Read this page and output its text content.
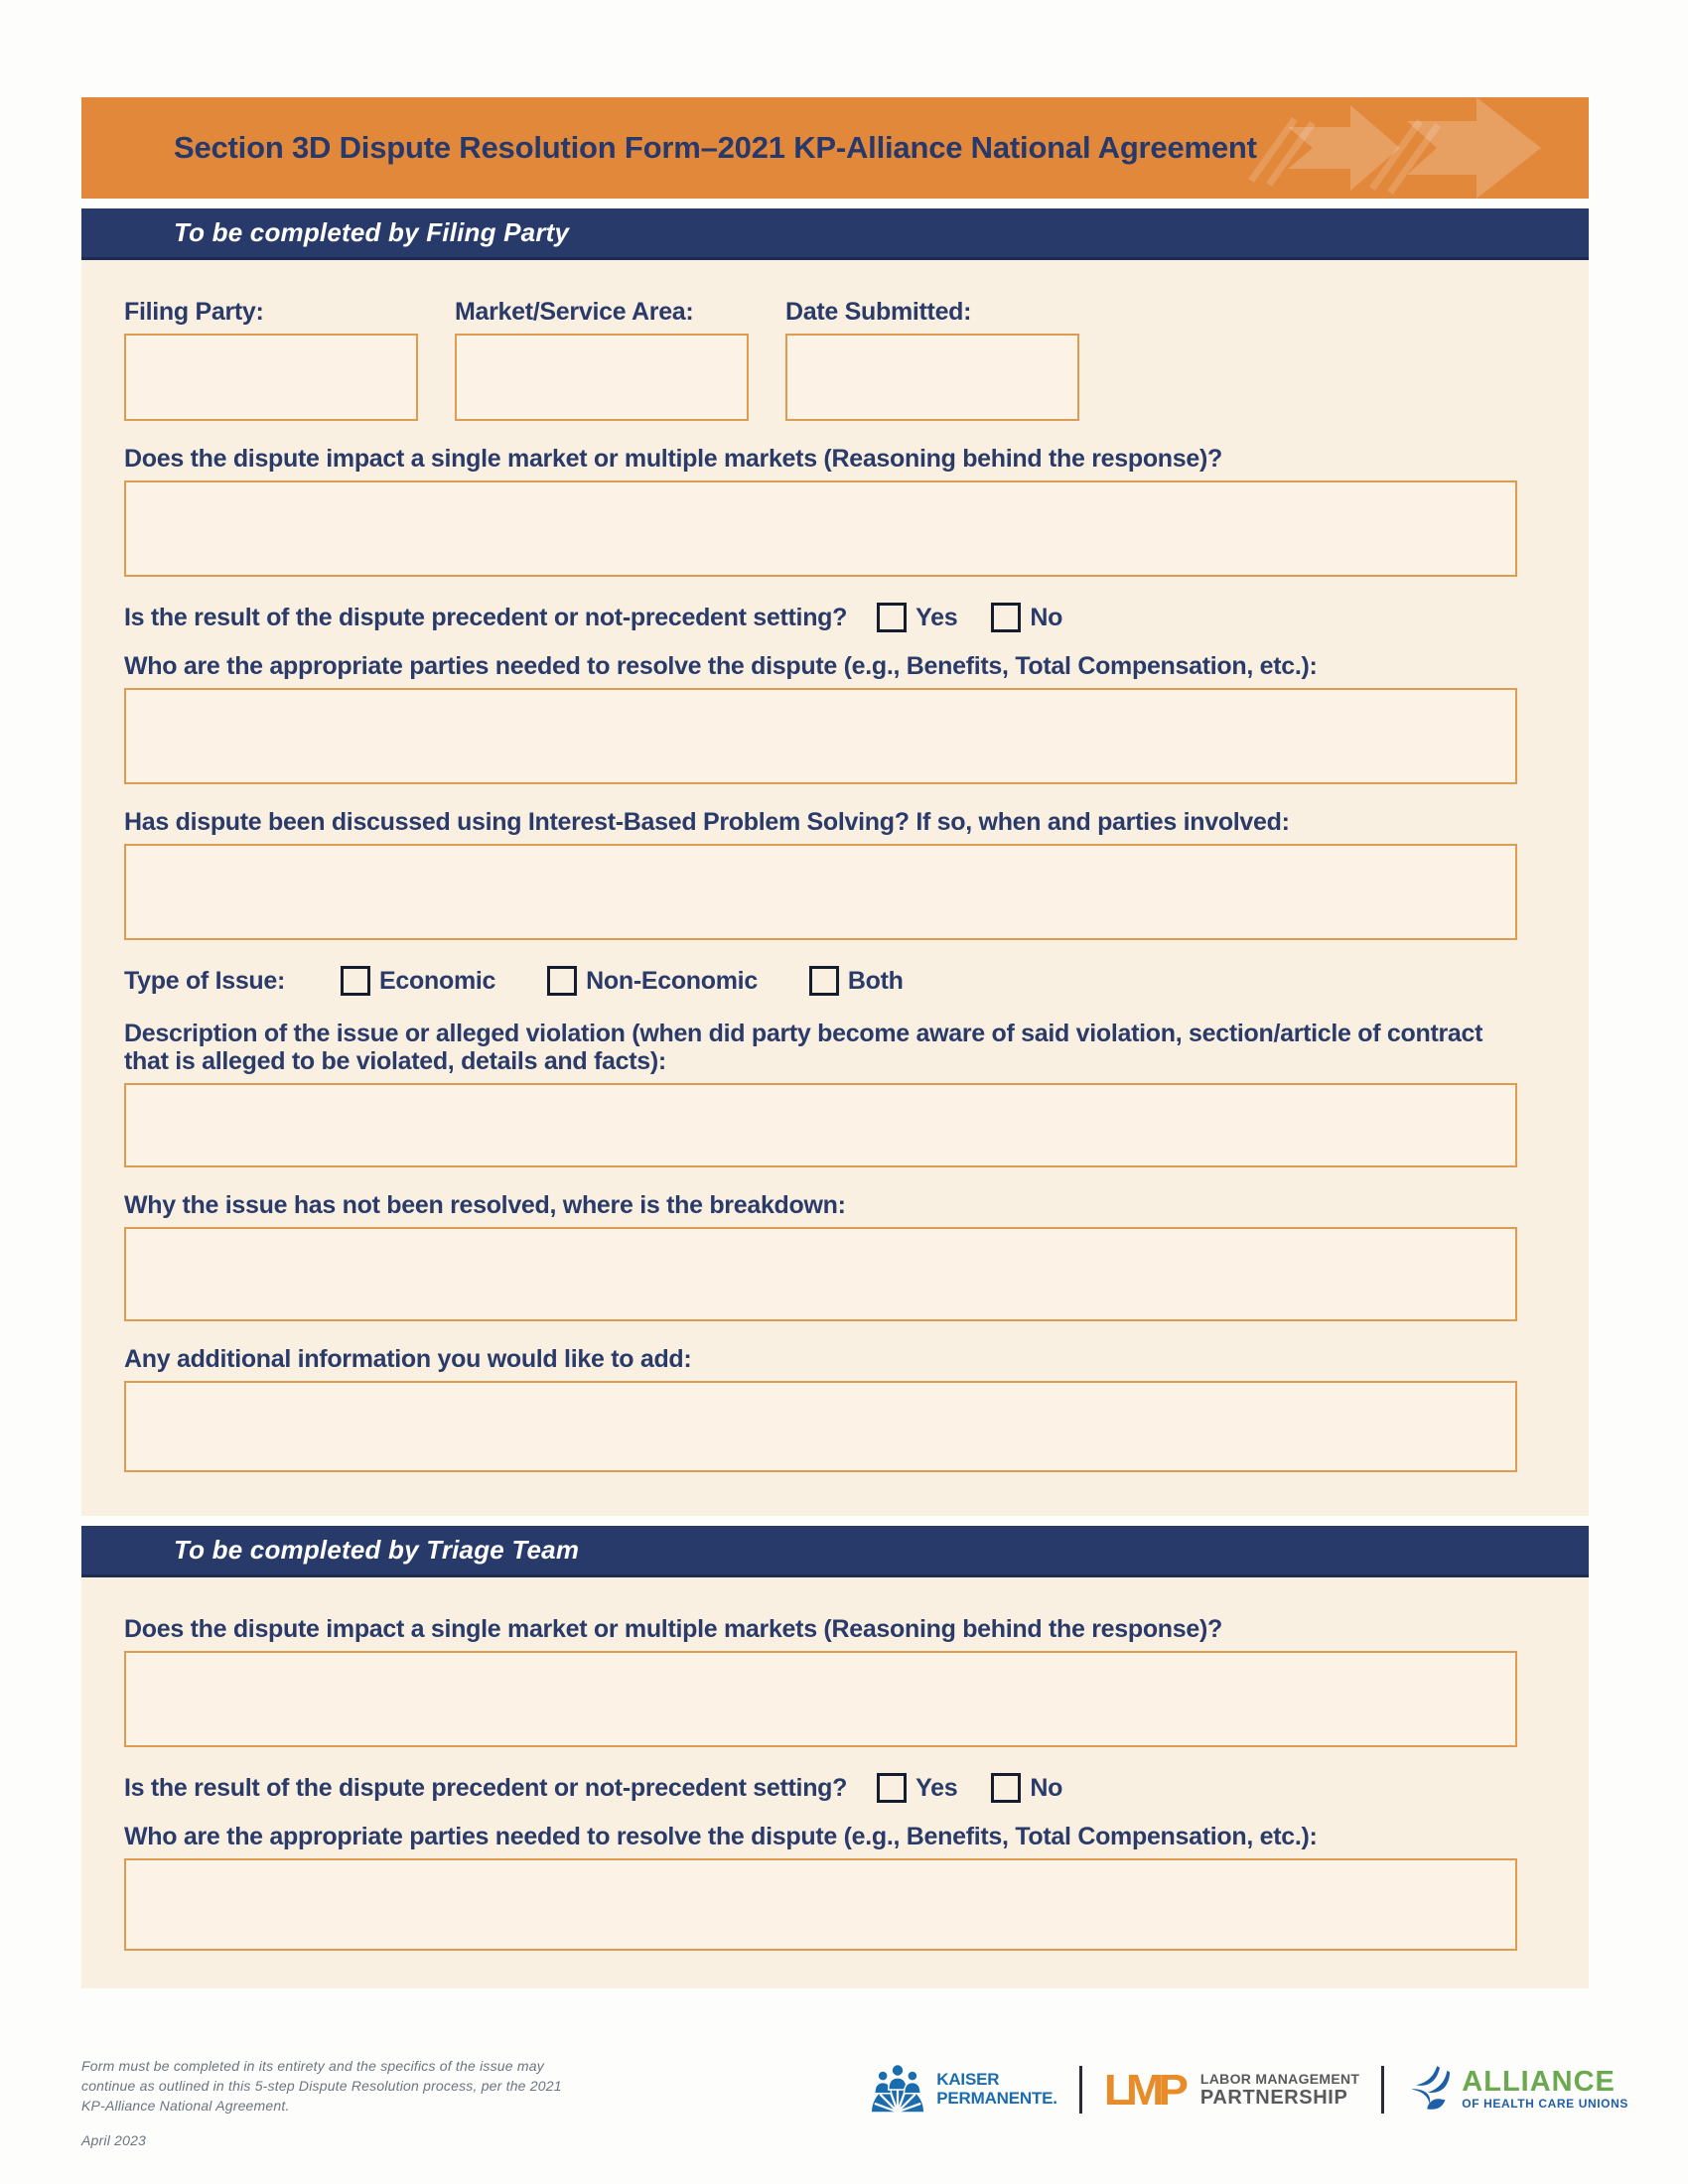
Section 3D Dispute Resolution Form–2021 KP-Alliance National Agreement
To be completed by Filing Party
Filing Party:	Market/Service Area:	Date Submitted:
Does the dispute impact a single market or multiple markets (Reasoning behind the response)?
Is the result of the dispute precedent or not-precedent setting?	Yes	No
Who are the appropriate parties needed to resolve the dispute (e.g., Benefits, Total Compensation, etc.):
Has dispute been discussed using Interest-Based Problem Solving? If so, when and parties involved:
Type of Issue:	Economic	Non-Economic	Both
Description of the issue or alleged violation (when did party become aware of said violation, section/article of contract that is alleged to be violated, details and facts):
Why the issue has not been resolved, where is the breakdown:
Any additional information you would like to add:
To be completed by Triage Team
Does the dispute impact a single market or multiple markets (Reasoning behind the response)?
Is the result of the dispute precedent or not-precedent setting?	Yes	No
Who are the appropriate parties needed to resolve the dispute (e.g., Benefits, Total Compensation, etc.):
Form must be completed in its entirety and the specifics of the issue may continue as outlined in this 5-step Dispute Resolution process, per the 2021 KP-Alliance National Agreement.
April 2023
KAISER
PERMANENTE. LMP	LABOR MANAGEMENT
PARTNERSHIP
ALLIANCE
OF HEALTH CARE UNIONS
